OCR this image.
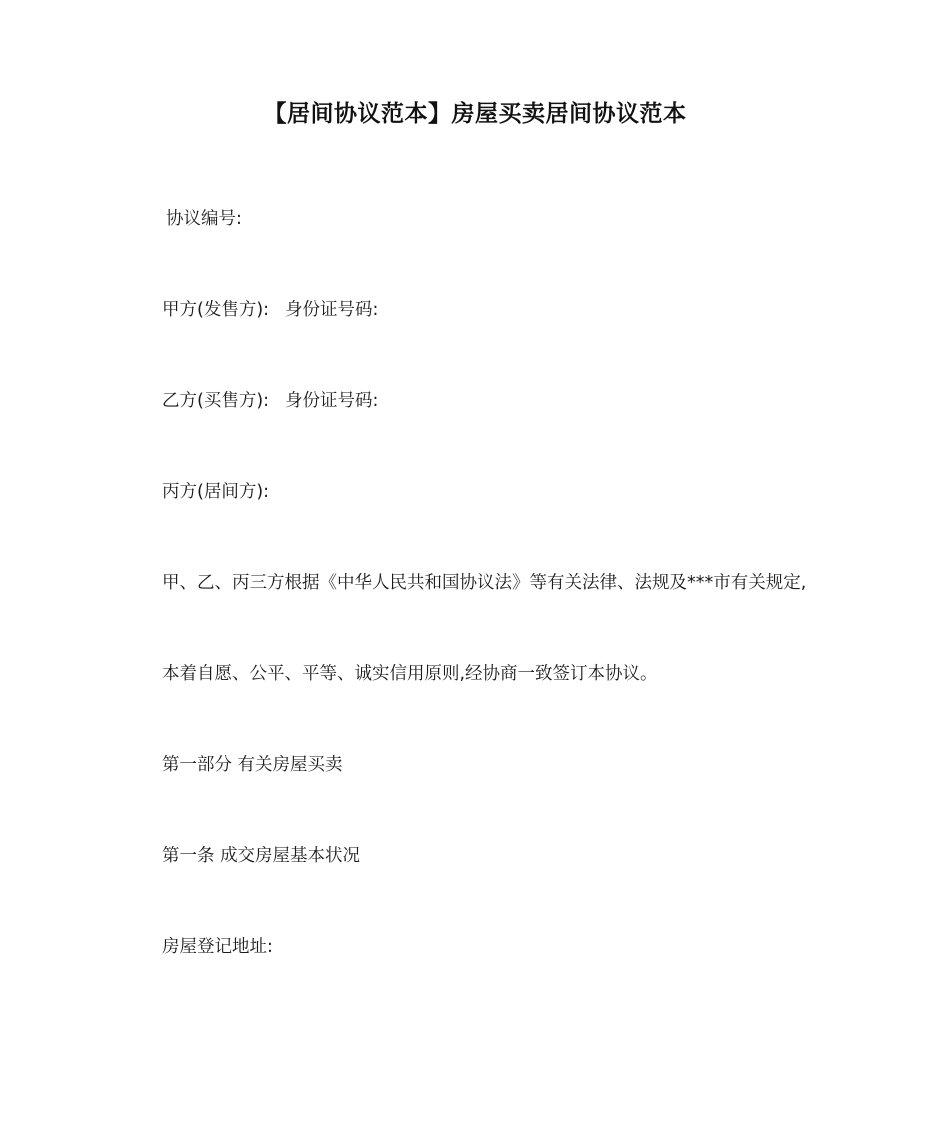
【居间协议范本】房屋买卖居间协议范本
协议编号:
甲方(发售方): 身份证号码:
乙方(买售方): 身份证号码:
丙方(居间方):
甲、乙、丙三方根据《中华人民共和国协议法》等有关法律、法规及***市有关规定,
本着自愿、公平、平等、诚实信用原则,经协商一致签订本协议。
第一部分 有关房屋买卖
第一条 成交房屋基本状况
房屋登记地址:
